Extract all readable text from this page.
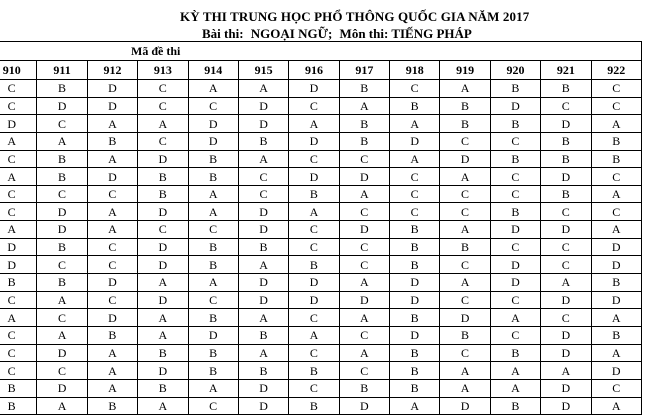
KỲ THI TRUNG HỌC PHỔ THÔNG QUỐC GIA NĂM 2017
Bài thi: NGOẠI NGỮ; Môn thi: TIẾNG PHÁP
Mã đề thi												
910	911	912	913	914	915	916	917	918	919	920	921	922
C	B	D	C	A	A	D	B	C	A	B	B	C
C	D	D	C	C	D	C	A	B	B	D	C	C
D	C	A	A	D	D	A	B	A	B	B	D	A
A	A	B	C	D	B	D	B	D	C	C	B	B
C	B	A	D	B	A	C	C	A	D	B	B	B
A	B	D	B	B	C	D	D	C	A	C	D	C
C	C	C	B	A	C	B	A	C	C	C	B	A
C	D	A	D	A	D	A	C	C	C	B	C	C
A	D	A	C	C	D	C	D	B	A	D	D	A
D	B	C	D	B	B	C	C	B	B	C	C	D
D	C	C	D	B	A	B	C	B	C	D	C	D
B	B	D	A	A	D	D	A	D	A	D	A	B
C	A	C	D	C	D	D	D	D	C	C	D	D
A	C	D	A	B	A	C	A	B	D	A	C	A
C	A	B	A	D	B	A	C	D	B	C	D	B
C	D	A	B	B	A	C	A	B	C	B	D	A
C	C	A	D	B	B	B	C	B	A	A	A	D
B	D	A	B	A	D	C	B	B	A	A	D	C
B	A	B	A	C	D	B	D	A	D	B	D	A
